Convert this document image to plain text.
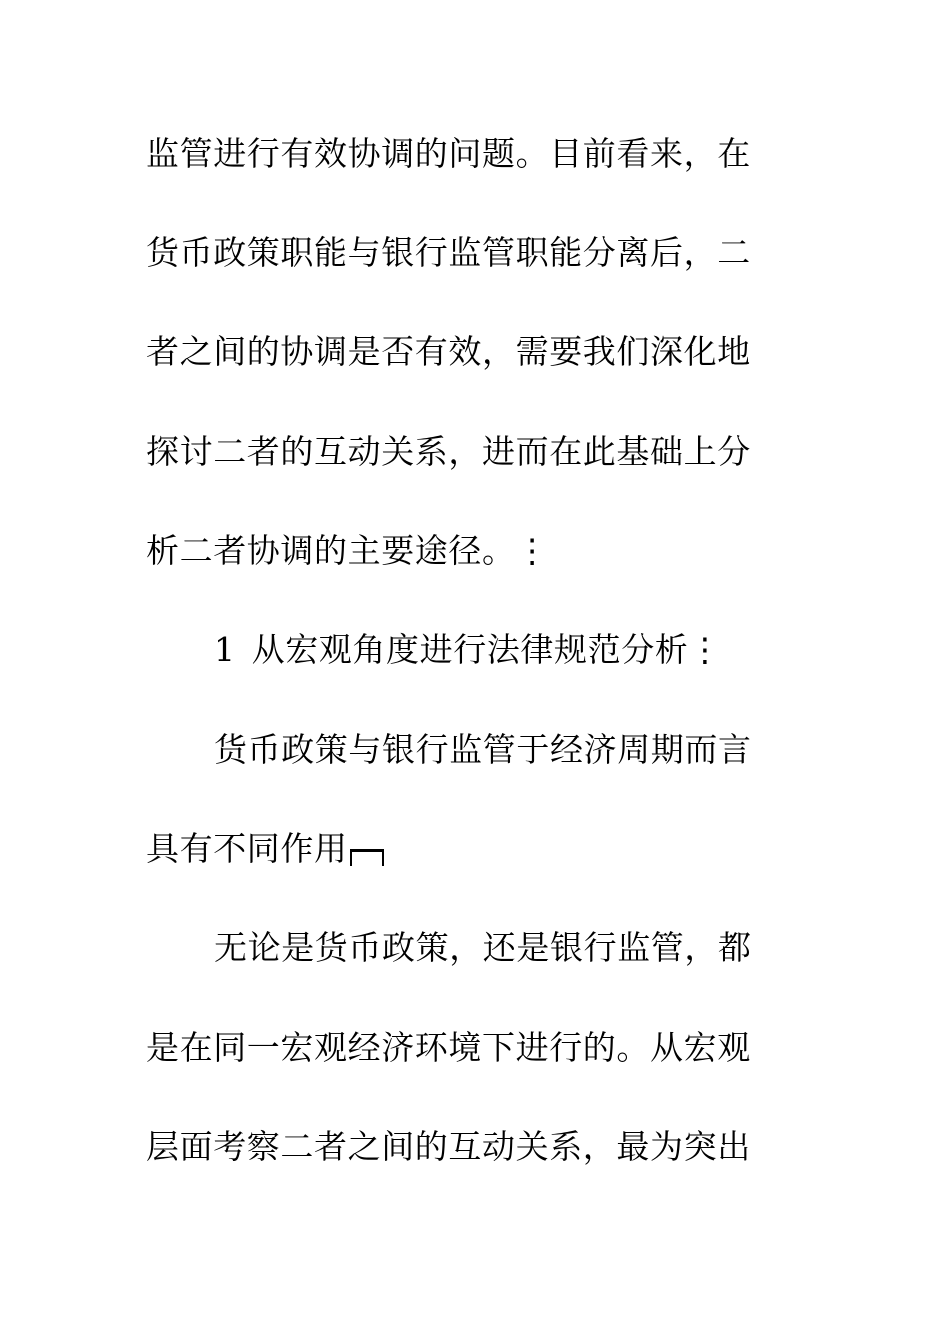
监管进行有效协调的问题。目前看来，在
货币政策职能与银行监管职能分离后，二
者之间的协调是否有效，需要我们深化地
探讨二者的互动关系，进而在此基础上分
析二者协调的主要途径。⋮
1 从宏观角度进行法律规范分析⋮
货币政策与银行监管于经济周期而言
具有不同作用
无论是货币政策，还是银行监管，都
是在同一宏观经济环境下进行的。从宏观
层面考察二者之间的互动关系，最为突出
